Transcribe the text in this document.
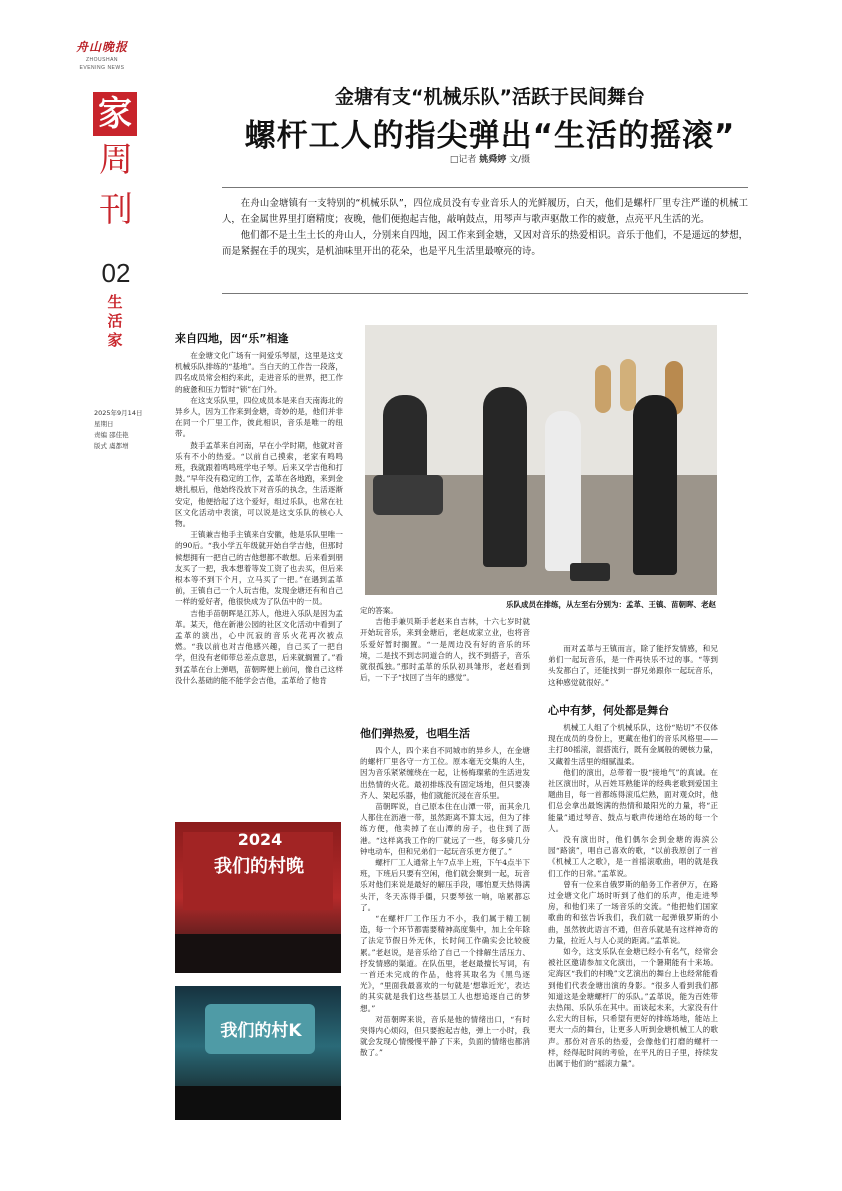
舟山晚报
ZHOUSHAN
EVENING NEWS
家
周
刊
02
生
活
家
2025年9月14日
星期日
责编 邵佳艳
版式 虞都增
金塘有支“机械乐队”活跃于民间舞台
螺杆工人的指尖弹出“生活的摇滚”
□记者 姚舜婷 文/摄

在舟山金塘镇有一支特别的“机械乐队”，四位成员没有专业音乐人的光鲜履历，白天，他们是螺杆厂里专注严谨的机械工人，在金属世界里打磨精度；夜晚，他们便抱起吉他，敲响鼓点，用琴声与歌声驱散工作的疲惫，点亮平凡生活的光。

他们都不是土生土长的舟山人，分别来自四地，因工作来到金塘，又因对音乐的热爱相识。音乐于他们，不是遥远的梦想，而是紧握在手的现实，是机油味里开出的花朵，也是平凡生活里最嘹亮的诗。

乐队成员在排练，从左至右分别为：孟革、王镇、苗朝晖、老赵
来自四地，因“乐”相逢

在金塘文化广场有一间爱乐琴屋，这里是这支机械乐队排练的“基地”。当白天的工作告一段落，四名成员常会相约来此，走进音乐的世界，把工作的疲惫和压力暂时“锁”在门外。

在这支乐队里，四位成员本是来自天南海北的异乡人，因为工作来到金塘，奇妙的是，他们并非在同一个厂里工作，彼此相识，音乐是唯一的纽带。

鼓手孟革来自河南，早在小学时期，他就对音乐有不小的热爱。“以前自己摸索，老家有鸣鸣班，我就跟着鸣鸣班学电子琴。后来又学吉他和打鼓。”早年没有稳定的工作，孟革在各地跑，来到金塘扎根后，他始终没放下对音乐的执念，生活逐渐安定，他便拾起了这个爱好，组过乐队，也常在社区文化活动中表演，可以说是这支乐队的核心人物。

王镇兼吉他手主镇来自安徽，他是乐队里唯一的90后。“我小学五年级就开始自学吉他，但那时候想拥有一把自己的吉他想都不敢想。后来看到朋友买了一把，我本想着等发工资了也去买，但后来根本等不到下个月，立马买了一把。”在遇到孟革前，王镇自己一个人玩吉他，发现金塘还有和自己一样的爱好者，他很快成为了队伍中的一员。

吉他手苗朝晖是江苏人，他进入乐队是因为孟革。某天，他在新港公园的社区文化活动中看到了孟革的演出，心中沉寂的音乐火花再次被点燃。“我以前也对吉他感兴趣，自己买了一把自学，但没有老师带总差点意思，后来就搁置了。”看到孟革在台上弹唱，苗朝晖便上前问，像自己这样没什么基础的能不能学会吉他，孟革给了他肯

2024
我们的村晚
我们的村K

定的答案。

吉他手兼贝斯手老赵来自吉林，十六七岁时就开始玩音乐，来到金塘后，老赵成家立业，也将音乐爱好暂时搁置。“一是周边没有好的音乐的环境，二是找不到志同道合的人，找不到搭子，音乐就很孤独。”那时孟革的乐队初具雏形，老赵看到后，一下子“找回了当年的感觉”。

他们弹热爱，也唱生活

四个人，四个来自不同城市的异乡人，在金塘的螺杆厂里各守一方工位。原本毫无交集的人生，因为音乐紧紧缠绕在一起，让杨梅璨紫的生活迸发出热情的火花。最初排练没有固定场地，但只要凑齐人、架起乐器，他们就能沉浸在音乐里。

苗朝晖说，自己原本住在山潭一带，而其余几人都住在沥港一带，虽然距离不算太远，但为了排练方便，他卖掉了在山潭的房子，也住到了沥港。“这样离我工作的厂就远了一些，每多骑几分钟电动车，但和兄弟们一起玩音乐更方便了。”

螺杆厂工人通常上午7点半上班，下午4点半下班，下班后只要有空闲，他们就会聚到一起，玩音乐对他们来说是最好的解压手段，哪怕夏天热得满头汗，冬天冻得手僵，只要琴弦一响，啥累都忘了。

“在螺杆厂工作压力不小，我们属于精工制造，每一个环节都需要精神高度集中，加上全年除了法定节假日外无休，长时间工作确实会比较疲累。”老赵说，是音乐给了自己一个排解生活压力、抒发情感的渠道。在队伍里，老赵最擅长写词，有一首还未完成的作品，他将其取名为《黑鸟逐光》，“里面我最喜欢的一句就是‘想靠近光’，表达的其实就是我们这些基层工人也想追逐自己的梦想。”

对苗朝晖来说，音乐是他的情绪出口，“有时突得内心烦闷，但只要抱起吉他，弹上一小时，我就会发现心情慢慢平静了下来，负面的情绪也都消散了。”

而对孟革与王镇而言，除了能抒发情感，和兄弟们一起玩音乐，是一件再快乐不过的事。“等到头发都白了，还能找到一群兄弟跟你一起玩音乐，这种感觉就很好。”

心中有梦，何处都是舞台

机械工人组了个机械乐队，这份“贴切”不仅体现在成员的身份上，更藏在他们的音乐风格里——主打80摇滚，混搭流行，既有金属般的硬核力量，又藏着生活里的细腻温柔。

他们的演出，总带着一股“接地气”的真诚。在社区演出时，从百姓耳熟能详的经典老歌到爱国主题曲目，每一首都练得滚瓜烂熟，面对观众时，他们总会拿出最饱满的热情和最阳光的力量，将“正能量”通过琴音、鼓点与歌声传递给在场的每一个人。

没有演出时，他们偶尔会到金塘的海滨公园“路演”，唱自己喜欢的歌，“以前我原创了一首《机械工人之歌》，是一首摇滚歌曲，唱的就是我们工作的日常。”孟革说。

曾有一位来自俄罗斯的船务工作者伊万，在路过金塘文化广场时听到了他们的乐声，他走进琴房，和他们来了一场音乐的交流。“他把他们国家歌曲的和弦告诉我们，我们就一起弹俄罗斯的小曲，虽然彼此语言不通，但音乐就是有这样神奇的力量，拉近人与人心灵的距离。”孟革说。

如今，这支乐队在金塘已经小有名气，经常会被社区邀请参加文化演出，一个暑期能有十来场。定海区“我们的村晚”文艺演出的舞台上也经常能看到他们代表金塘出演的身影。“很多人看到我们都知道这是金塘螺杆厂的乐队。”孟革说，能为百姓带去热闹、乐队乐在其中。而谈起未来，大家没有什么宏大的目标，只希望有更好的排练场地，能站上更大一点的舞台，让更多人听到金塘机械工人的歌声。那份对音乐的热爱，会像他们打磨的螺杆一样，经得起时间的考验，在平凡的日子里，持续发出属于他们的“摇滚力量”。
